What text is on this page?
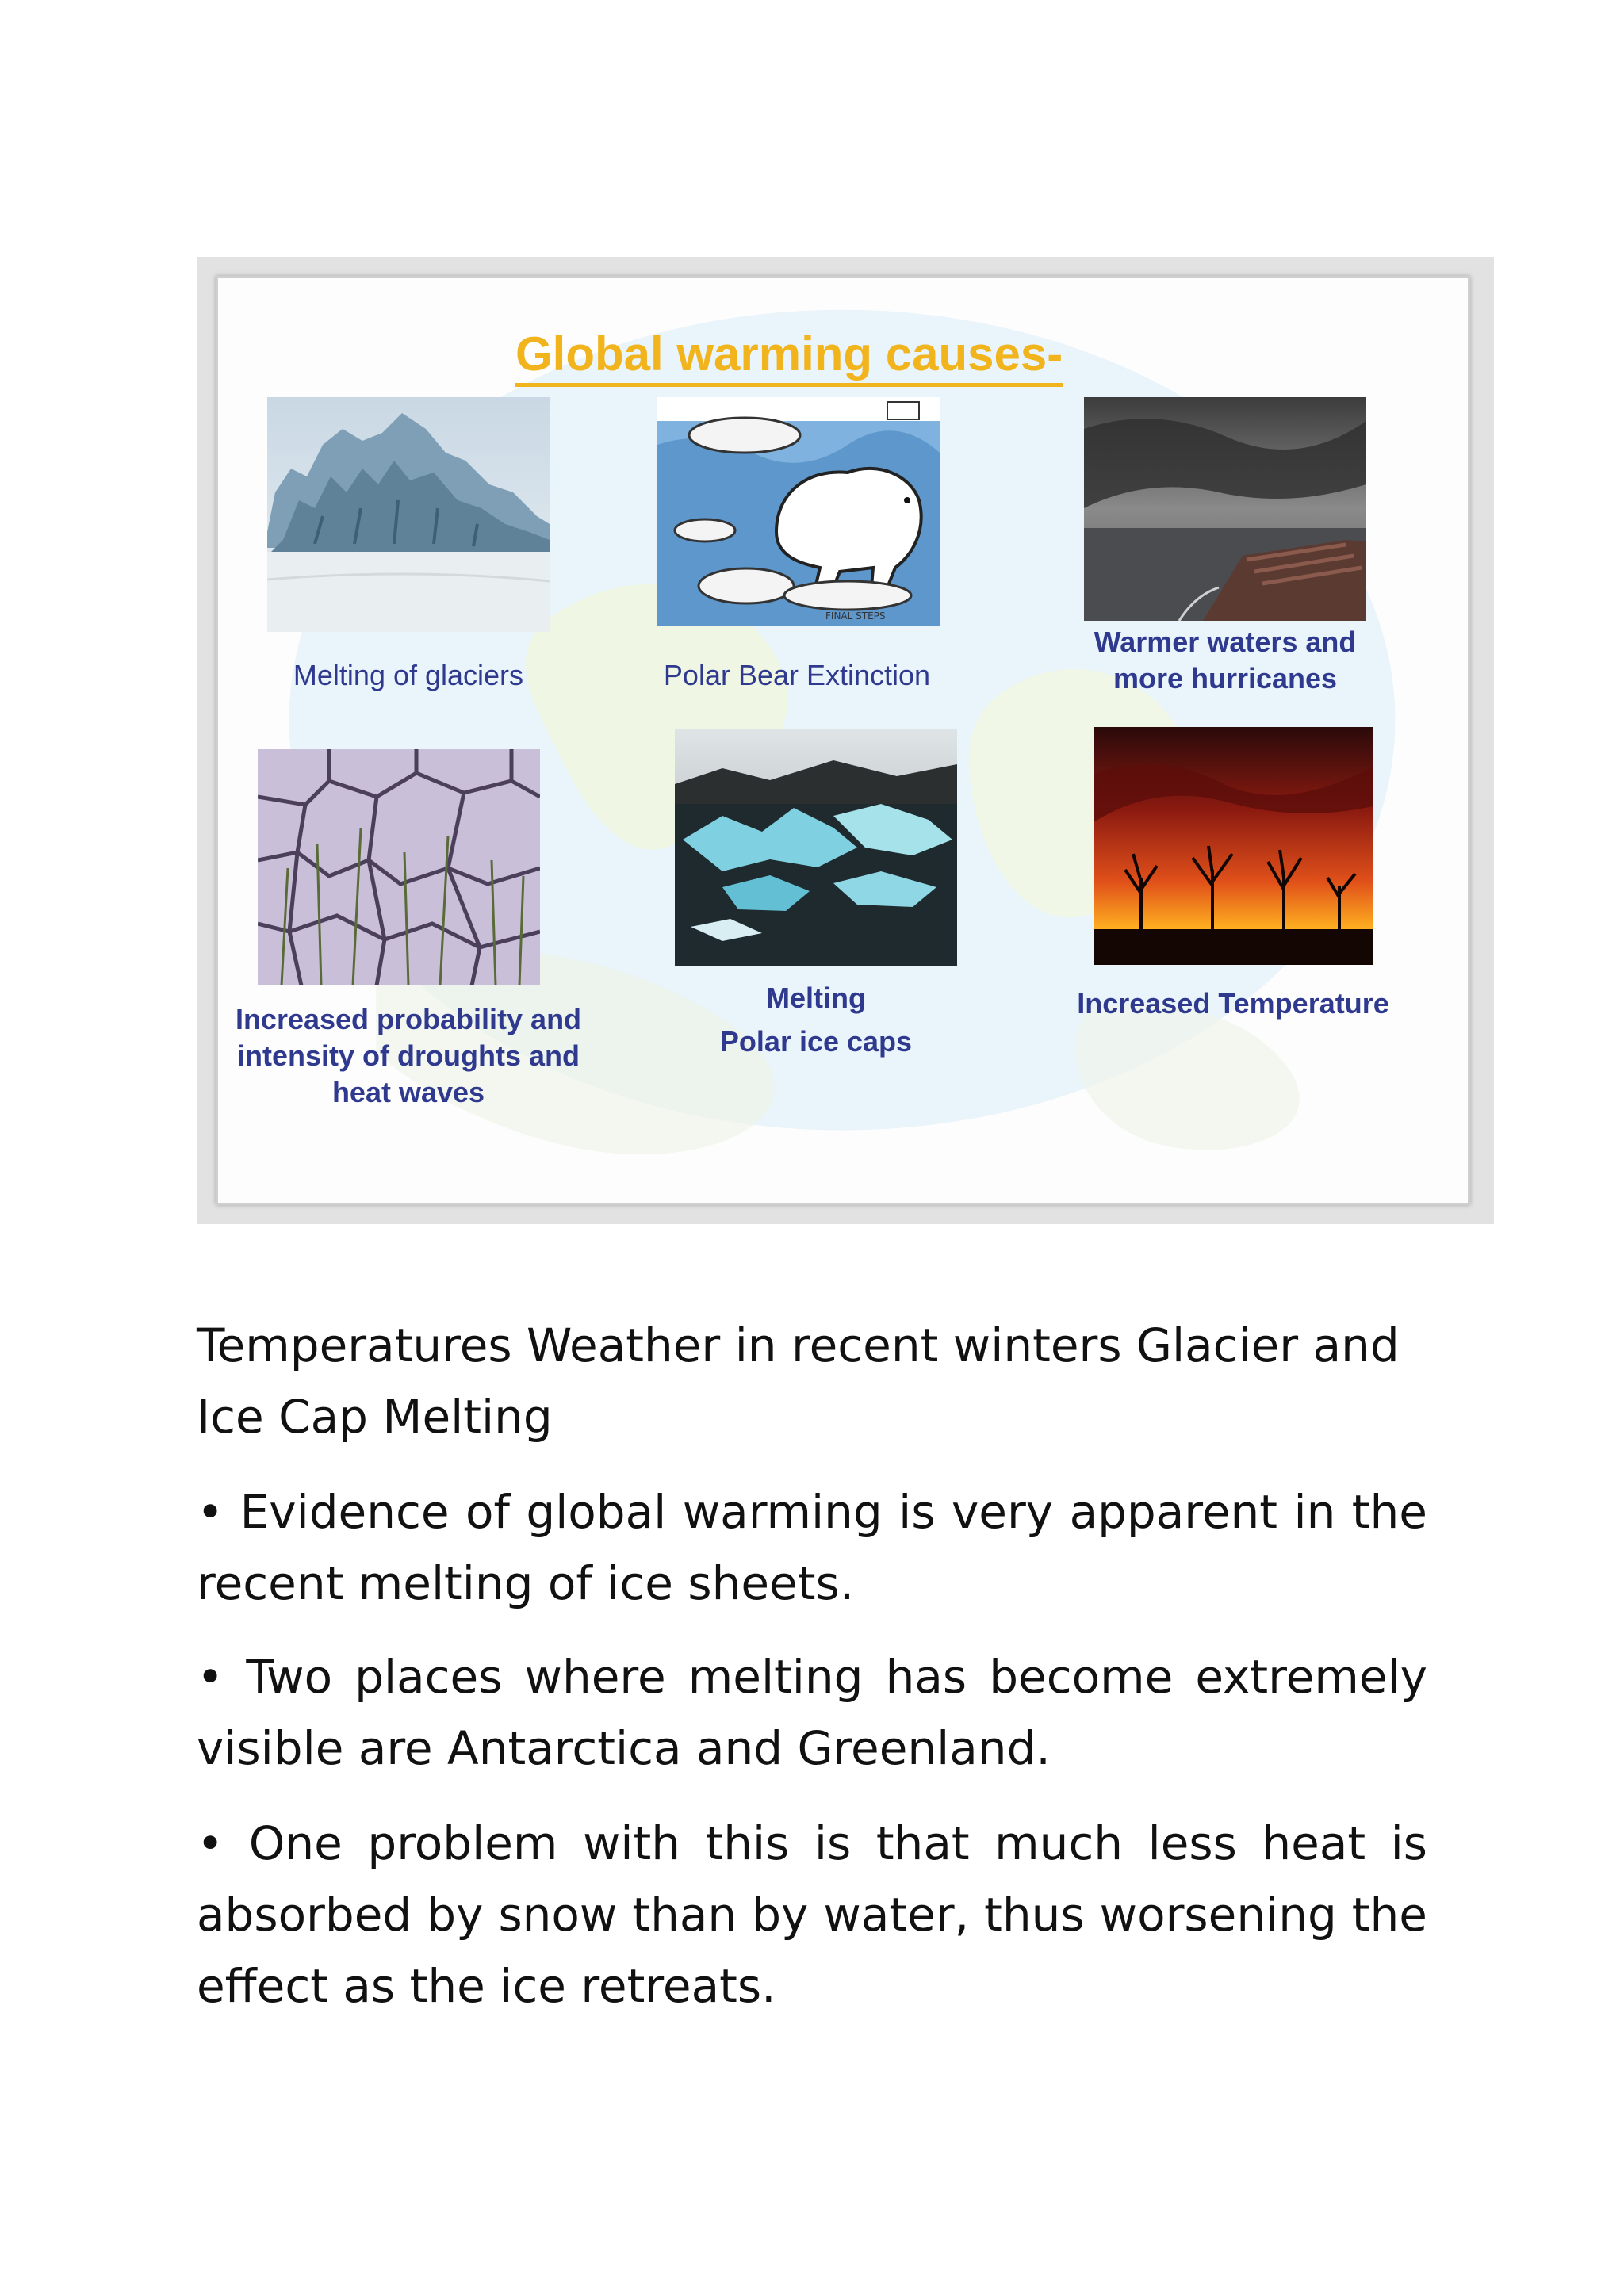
Global warming causes-
Melting of glaciers
FINAL STEPS
Polar Bear Extinction
Warmer waters and
more hurricanes
Increased probability and
intensity of droughts and
heat waves
Melting
Polar ice caps
Increased Temperature

Temperatures Weather in recent winters Glacier and Ice Cap Melting

• Evidence of global warming is very apparent in the recent melting of ice sheets.

• Two places where melting has become extremely visible are Antarctica and Greenland.

• One problem with this is that much less heat is absorbed by snow than by water, thus worsening the effect as the ice retreats.
